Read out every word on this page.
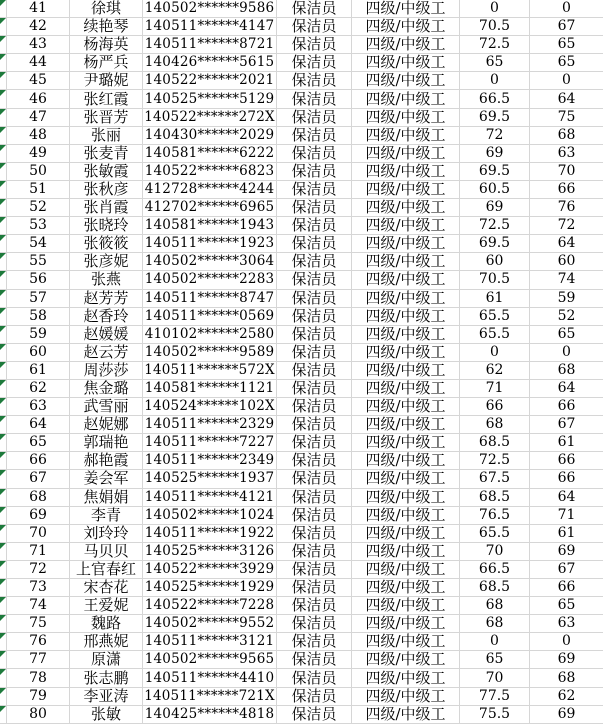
41	徐琪	140502******9586	保洁员	四级/中级工	0	0
42	续艳琴	140511******4147	保洁员	四级/中级工	70.5	67
43	杨海英	140511******8721	保洁员	四级/中级工	72.5	65
44	杨严兵	140426******5615	保洁员	四级/中级工	65	65
45	尹璐妮	140522******2021	保洁员	四级/中级工	0	0
46	张红霞	140525******5129	保洁员	四级/中级工	66.5	64
47	张晋芳	140522******272X	保洁员	四级/中级工	69.5	75
48	张丽	140430******2029	保洁员	四级/中级工	72	68
49	张麦青	140581******6222	保洁员	四级/中级工	69	63
50	张敏霞	140522******6823	保洁员	四级/中级工	69.5	70
51	张秋彦	412728******4244	保洁员	四级/中级工	60.5	66
52	张肖霞	412702******6965	保洁员	四级/中级工	69	76
53	张晓玲	140581******1943	保洁员	四级/中级工	72.5	72
54	张筱筱	140511******1923	保洁员	四级/中级工	69.5	64
55	张彦妮	140502******3064	保洁员	四级/中级工	60	60
56	张燕	140502******2283	保洁员	四级/中级工	70.5	74
57	赵芳芳	140511******8747	保洁员	四级/中级工	61	59
58	赵香玲	140511******0569	保洁员	四级/中级工	65.5	52
59	赵媛媛	410102******2580	保洁员	四级/中级工	65.5	65
60	赵云芳	140502******9589	保洁员	四级/中级工	0	0
61	周莎莎	140511******572X	保洁员	四级/中级工	62	68
62	焦金璐	140581******1121	保洁员	四级/中级工	71	64
63	武雪丽	140524******102X	保洁员	四级/中级工	66	66
64	赵妮娜	140511******2329	保洁员	四级/中级工	68	67
65	郭瑞艳	140511******7227	保洁员	四级/中级工	68.5	61
66	郝艳霞	140511******2349	保洁员	四级/中级工	72.5	66
67	姜会军	140525******1937	保洁员	四级/中级工	67.5	66
68	焦娟娟	140511******4121	保洁员	四级/中级工	68.5	64
69	李青	140502******1024	保洁员	四级/中级工	76.5	71
70	刘玲玲	140511******1922	保洁员	四级/中级工	65.5	61
71	马贝贝	140525******3126	保洁员	四级/中级工	70	69
72	上官春红 140522******3929	保洁员	四级/中级工	66.5	67
73	宋杏花	140525******1929	保洁员	四级/中级工	68.5	66
74	王爱妮	140522******7228	保洁员	四级/中级工	68	65
75	魏路	140502******9552	保洁员	四级/中级工	68	63
76	邢燕妮	140511******3121	保洁员	四级/中级工	0	0
77	原潇	140502******9565	保洁员	四级/中级工	65	69
78	张志鹏	140511******4410	保洁员	四级/中级工	70	68
79	李亚涛	140511******721X	保洁员	四级/中级工	77.5	62
80	张敏	140425******4818	保洁员	四级/中级工	75.5	69
